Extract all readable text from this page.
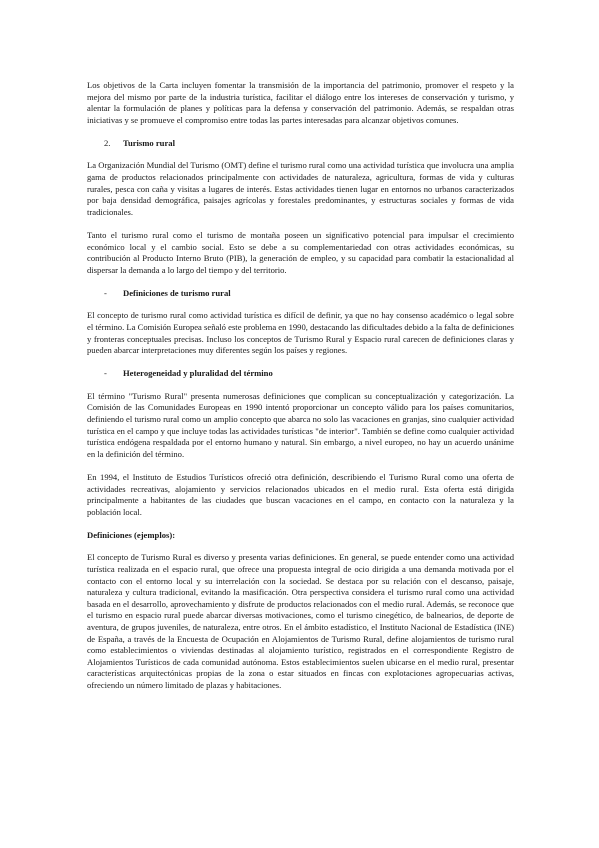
Los objetivos de la Carta incluyen fomentar la transmisión de la importancia del patrimonio, promover el respeto y la mejora del mismo por parte de la industria turística, facilitar el diálogo entre los intereses de conservación y turismo, y alentar la formulación de planes y políticas para la defensa y conservación del patrimonio. Además, se respaldan otras iniciativas y se promueve el compromiso entre todas las partes interesadas para alcanzar objetivos comunes.

2.	Turismo rural

La Organización Mundial del Turismo (OMT) define el turismo rural como una actividad turística que involucra una amplia gama de productos relacionados principalmente con actividades de naturaleza, agricultura, formas de vida y culturas rurales, pesca con caña y visitas a lugares de interés. Estas actividades tienen lugar en entornos no urbanos caracterizados por baja densidad demográfica, paisajes agrícolas y forestales predominantes, y estructuras sociales y formas de vida tradicionales.

Tanto el turismo rural como el turismo de montaña poseen un significativo potencial para impulsar el crecimiento económico local y el cambio social. Esto se debe a su complementariedad con otras actividades económicas, su contribución al Producto Interno Bruto (PIB), la generación de empleo, y su capacidad para combatir la estacionalidad al dispersar la demanda a lo largo del tiempo y del territorio.

-	Definiciones de turismo rural

El concepto de turismo rural como actividad turística es difícil de definir, ya que no hay consenso académico o legal sobre el término. La Comisión Europea señaló este problema en 1990, destacando las dificultades debido a la falta de definiciones y fronteras conceptuales precisas. Incluso los conceptos de Turismo Rural y Espacio rural carecen de definiciones claras y pueden abarcar interpretaciones muy diferentes según los países y regiones.

-	Heterogeneidad y pluralidad del término

El término "Turismo Rural" presenta numerosas definiciones que complican su conceptualización y categorización. La Comisión de las Comunidades Europeas en 1990 intentó proporcionar un concepto válido para los países comunitarios, definiendo el turismo rural como un amplio concepto que abarca no solo las vacaciones en granjas, sino cualquier actividad turística en el campo y que incluye todas las actividades turísticas "de interior". También se define como cualquier actividad turística endógena respaldada por el entorno humano y natural. Sin embargo, a nivel europeo, no hay un acuerdo unánime en la definición del término.

En 1994, el Instituto de Estudios Turísticos ofreció otra definición, describiendo el Turismo Rural como una oferta de actividades recreativas, alojamiento y servicios relacionados ubicados en el medio rural. Esta oferta está dirigida principalmente a habitantes de las ciudades que buscan vacaciones en el campo, en contacto con la naturaleza y la población local.

Definiciones (ejemplos):

El concepto de Turismo Rural es diverso y presenta varias definiciones. En general, se puede entender como una actividad turística realizada en el espacio rural, que ofrece una propuesta integral de ocio dirigida a una demanda motivada por el contacto con el entorno local y su interrelación con la sociedad. Se destaca por su relación con el descanso, paisaje, naturaleza y cultura tradicional, evitando la masificación. Otra perspectiva considera el turismo rural como una actividad basada en el desarrollo, aprovechamiento y disfrute de productos relacionados con el medio rural. Además, se reconoce que el turismo en espacio rural puede abarcar diversas motivaciones, como el turismo cinegético, de balnearios, de deporte de aventura, de grupos juveniles, de naturaleza, entre otros. En el ámbito estadístico, el Instituto Nacional de Estadística (INE) de España, a través de la Encuesta de Ocupación en Alojamientos de Turismo Rural, define alojamientos de turismo rural como establecimientos o viviendas destinadas al alojamiento turístico, registrados en el correspondiente Registro de Alojamientos Turísticos de cada comunidad autónoma. Estos establecimientos suelen ubicarse en el medio rural, presentar características arquitectónicas propias de la zona o estar situados en fincas con explotaciones agropecuarias activas, ofreciendo un número limitado de plazas y habitaciones.
